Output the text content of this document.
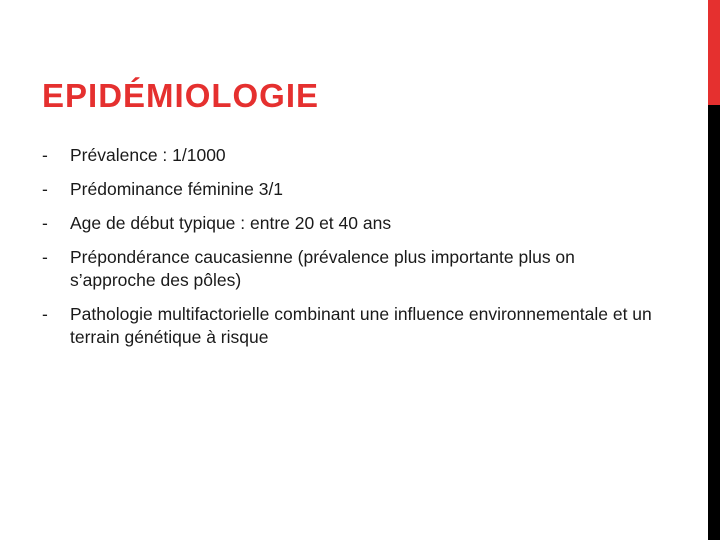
EPIDÉMIOLOGIE
- Prévalence : 1/1000
- Prédominance féminine 3/1
- Age de début typique : entre 20 et 40 ans
- Prépondérance caucasienne (prévalence plus importante plus on s’approche des pôles)
- Pathologie multifactorielle combinant une influence environnementale et un terrain génétique à risque
